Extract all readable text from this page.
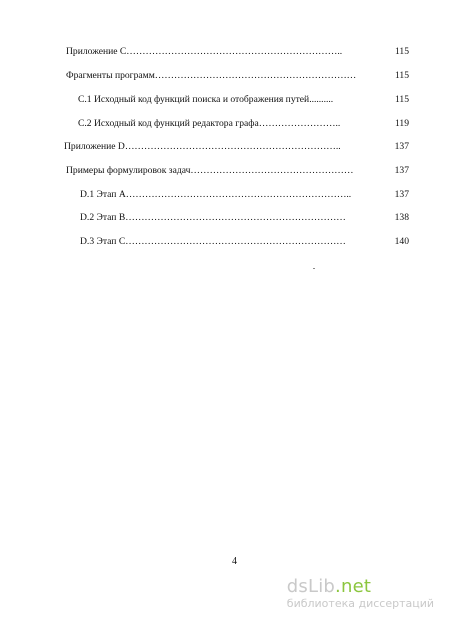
Приложение С…………………………………………………………..	115
Фрагменты программ………………………………………………………	115
С.1 Исходный код функций поиска и отображения путей..........	115
С.2 Исходный код функций редактора графа……………………..	119
Приложение D…………………………………………………………..	137
Примеры формулировок задач……………………………………………	137
D.1 Этап А……………………………………………………………..	137
D.2 Этап В……………………………………………………………	138
D.3 Этап С……………………………………………………………	140
4
dsLib.net
библиотека диссертаций
